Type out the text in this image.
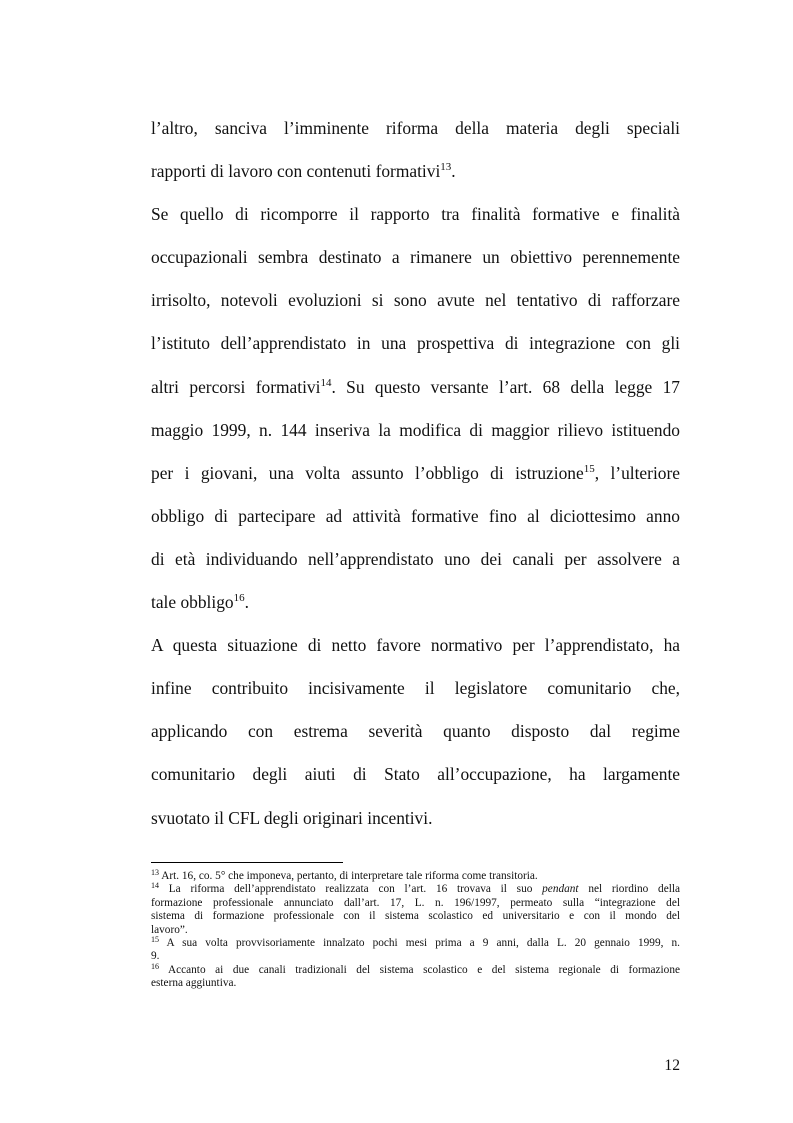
l’altro, sanciva l’imminente riforma della materia degli speciali
rapporti di lavoro con contenuti formativi$^{13}$.
Se quello di ricomporre il rapporto tra finalità formative e finalità
occupazionali sembra destinato a rimanere un obiettivo perennemente
irrisolto, notevoli evoluzioni si sono avute nel tentativo di rafforzare
l’istituto dell’apprendistato in una prospettiva di integrazione con gli
altri percorsi formativi$^{14}$. Su questo versante l’art. 68 della legge 17
maggio 1999, n. 144 inseriva la modifica di maggior rilievo istituendo
per i giovani, una volta assunto l’obbligo di istruzione$^{15}$, l’ulteriore
obbligo di partecipare ad attività formative fino al diciottesimo anno
di età individuando nell’apprendistato uno dei canali per assolvere a
tale obbligo$^{16}$.
A questa situazione di netto favore normativo per l’apprendistato, ha
infine contribuito incisivamente il legislatore comunitario che,
applicando con estrema severità quanto disposto dal regime
comunitario degli aiuti di Stato all’occupazione, ha largamente
svuotato il CFL degli originari incentivi.
$^{13}$ Art. 16, co. 5° che imponeva, pertanto, di interpretare tale riforma come transitoria.
$^{14}$ La riforma dell’apprendistato realizzata con l’art. 16 trovava il suo pendant nel riordino della
formazione professionale annunciato dall’art. 17, L. n. 196/1997, permeato sulla “integrazione del
sistema di formazione professionale con il sistema scolastico ed universitario e con il mondo del
lavoro”.
$^{15}$ A sua volta provvisoriamente innalzato pochi mesi prima a 9 anni, dalla L. 20 gennaio 1999, n.
9.
$^{16}$ Accanto ai due canali tradizionali del sistema scolastico e del sistema regionale di formazione
esterna aggiuntiva.
12
